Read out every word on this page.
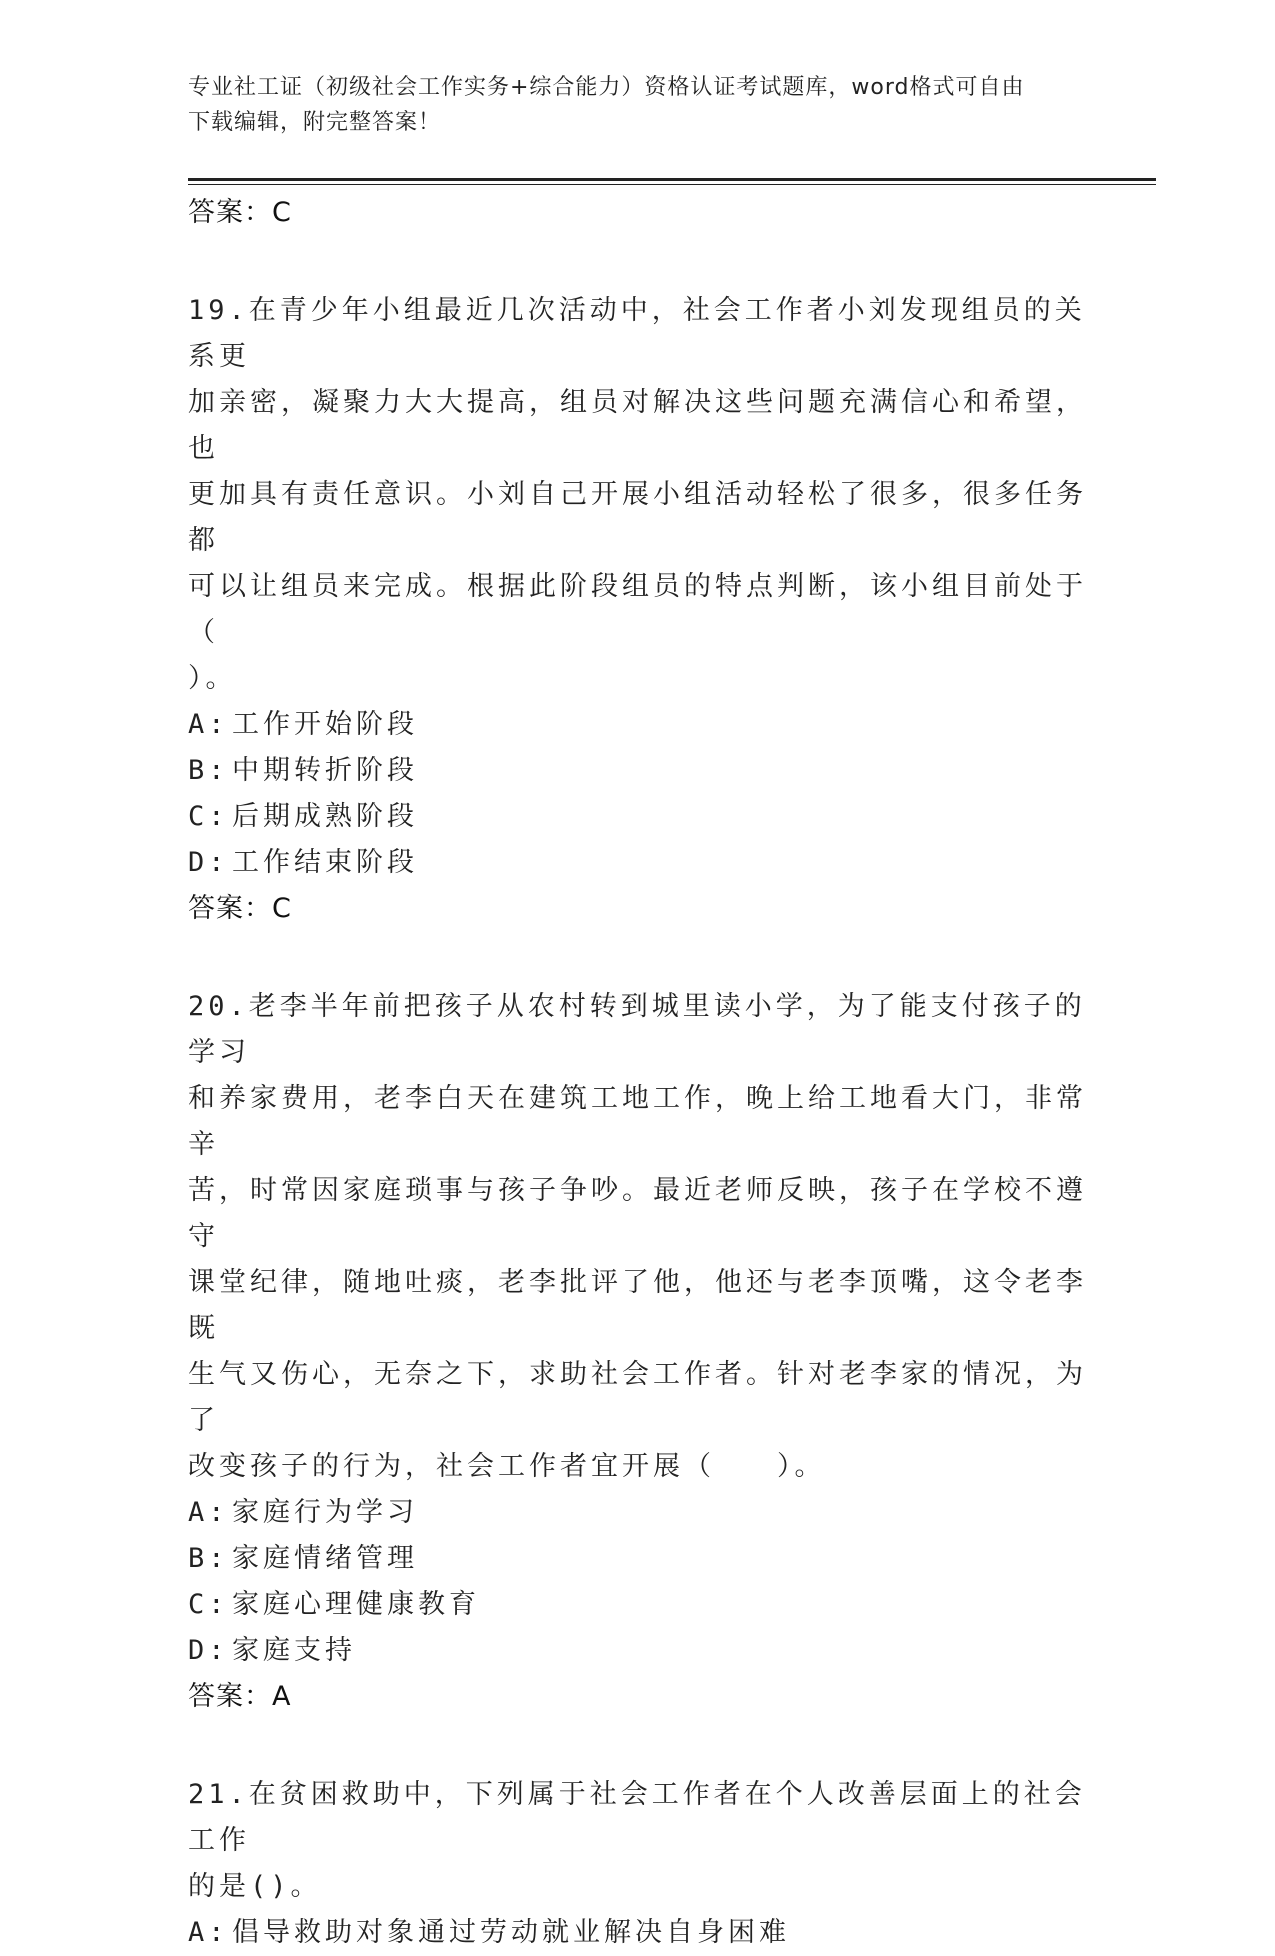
专业社工证（初级社会工作实务+综合能力）资格认证考试题库，word格式可自由
下载编辑，附完整答案！
答案：C
19.在青少年小组最近几次活动中，社会工作者小刘发现组员的关系更
加亲密，凝聚力大大提高，组员对解决这些问题充满信心和希望，也
更加具有责任意识。小刘自己开展小组活动轻松了很多，很多任务都
可以让组员来完成。根据此阶段组员的特点判断，该小组目前处于（
）。
A: 工作开始阶段
B: 中期转折阶段
C: 后期成熟阶段
D: 工作结束阶段
答案：C
20.老李半年前把孩子从农村转到城里读小学，为了能支付孩子的学习
和养家费用，老李白天在建筑工地工作，晚上给工地看大门，非常辛
苦，时常因家庭琐事与孩子争吵。最近老师反映，孩子在学校不遵守
课堂纪律，随地吐痰，老李批评了他，他还与老李顶嘴，这令老李既
生气又伤心，无奈之下，求助社会工作者。针对老李家的情况，为了
改变孩子的行为，社会工作者宜开展（　　）。
A: 家庭行为学习
B: 家庭情绪管理
C: 家庭心理健康教育
D: 家庭支持
答案：A
21.在贫困救助中，下列属于社会工作者在个人改善层面上的社会工作
的是()。
A: 倡导救助对象通过劳动就业解决自身困难
